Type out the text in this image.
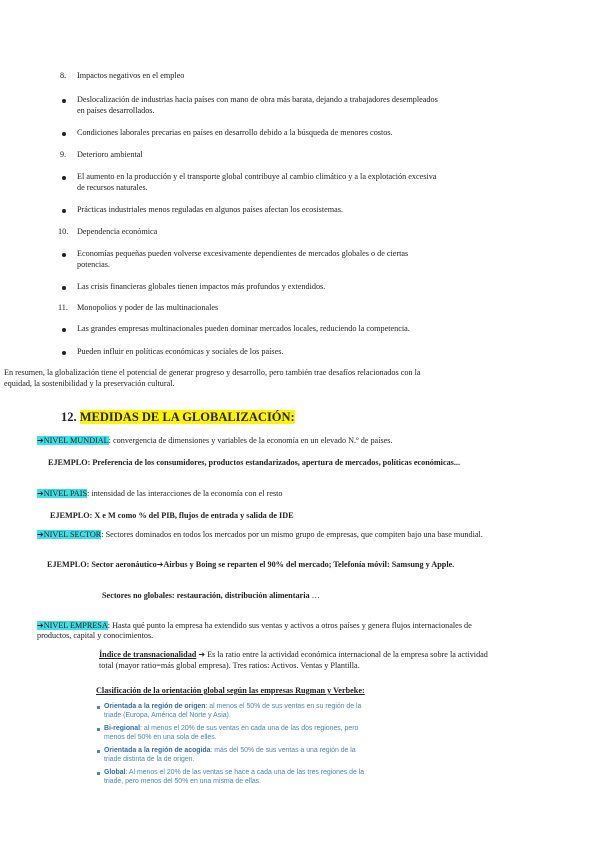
8.	Impactos negativos en el empleo
Deslocalización de industrias hacia países con mano de obra más barata, dejando a trabajadores desempleados
en países desarrollados.
Condiciones laborales precarias en países en desarrollo debido a la búsqueda de menores costos.
9.	Deterioro ambiental
El aumento en la producción y el transporte global contribuye al cambio climático y a la explotación excesiva
de recursos naturales.
Prácticas industriales menos reguladas en algunos países afectan los ecosistemas.
10.	Dependencia económica
Economías pequeñas pueden volverse excesivamente dependientes de mercados globales o de ciertas
potencias.
Las crisis financieras globales tienen impactos más profundos y extendidos.
11.	Monopolios y poder de las multinacionales
Las grandes empresas multinacionales pueden dominar mercados locales, reduciendo la competencia.
Pueden influir en políticas económicas y sociales de los países.
En resumen, la globalización tiene el potencial de generar progreso y desarrollo, pero también trae desafíos relacionados con la
equidad, la sostenibilidad y la preservación cultural.
12. MEDIDAS DE LA GLOBALIZACIÓN:
➔NIVEL MUNDIAL: convergencia de dimensiones y variables de la economía en un elevado N.º de países.
EJEMPLO: Preferencia de los consumidores, productos estandarizados, apertura de mercados, políticas económicas...
➔NIVEL PAIS: intensidad de las interacciones de la economía con el resto
EJEMPLO: X e M como % del PIB, flujos de entrada y salida de IDE
➔NIVEL SECTOR: Sectores dominados en todos los mercados por un mismo grupo de empresas, que compiten bajo una base mundial.
EJEMPLO: Sector aeronáutico➔Airbus y Boing se reparten el 90% del mercado; Telefonía móvil: Samsung y Apple.
Sectores no globales: restauración, distribución alimentaria …
➔NIVEL EMPRESA: Hasta qué punto la empresa ha extendido sus ventas y activos a otros países y genera flujos internacionales de
productos, capital y conocimientos.
Índice de transnacionalidad ➔ Es la ratio entre la actividad económica internacional de la empresa sobre la actividad
total (mayor ratio=más global empresa). Tres ratios: Activos. Ventas y Plantilla.
Clasificación de la orientación global según las empresas Rugman y Verbeke:
Orientada a la región de origen: al menos el 50% de sus ventas en su región de la
triade (Europa, América del Norte y Asia).
Bi-regional: al menos el 20% de sus ventas en cada una de las dos regiones, pero
menos del 50% en una sola de elles.
Orientada a la región de acogida: más del 50% de sus ventas a una región de la
triade distinta de la de origen.
Global: Al menos el 20% de las ventas se hace a cada una de las tres regiones de la
triade, pero menos del 50% en una misma de ellas.
